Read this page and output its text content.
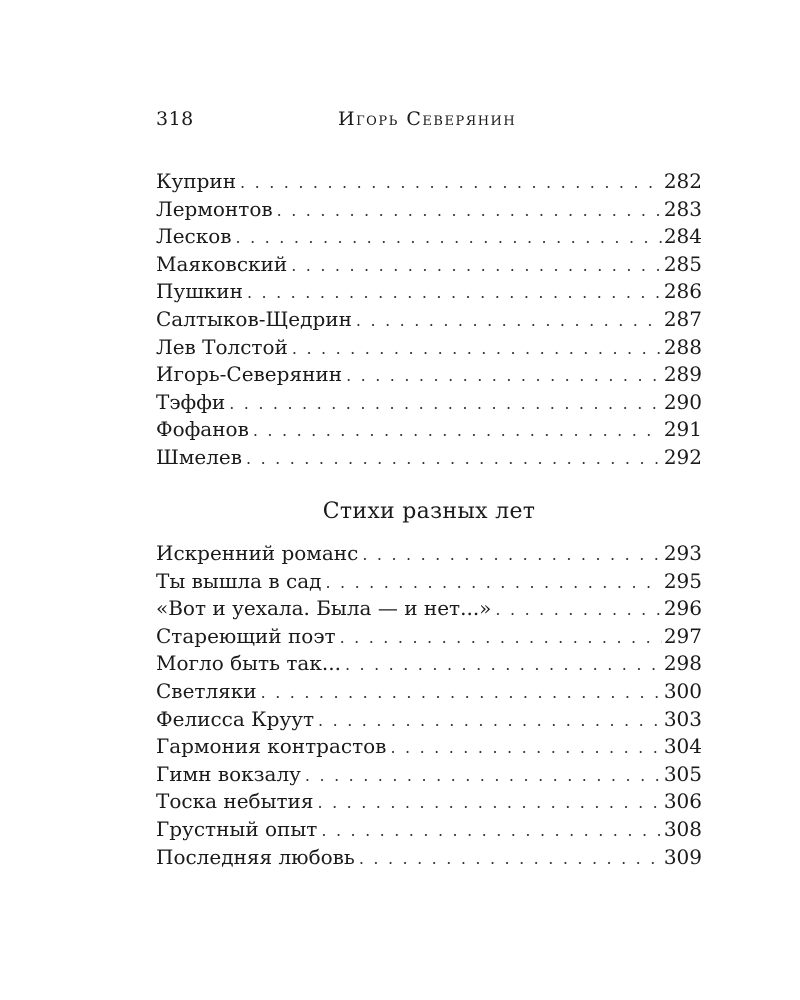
318	Игорь Северянин
Куприн . . .	282
Лермонтов . . .	283
Лесков . . .	284
Маяковский . . .	285
Пушкин . . .	286
Салтыков-Щедрин . . .	287
Лев Толстой . . .	288
Игорь-Северянин . . .	289
Тэффи . . .	290
Фофанов . . .	291
Шмелев . . .	292
Стихи разных лет
Искренний романс . . .	293
Ты вышла в сад . . .	295
«Вот и уехала. Была — и нет...» . . .	296
Стареющий поэт . . .	297
Могло быть так... . . .	298
Светляки . . .	300
Фелисса Круут . . .	303
Гармония контрастов . . .	304
Гимн вокзалу . . .	305
Тоска небытия . . .	306
Грустный опыт . . .	308
Последняя любовь . . .	309
